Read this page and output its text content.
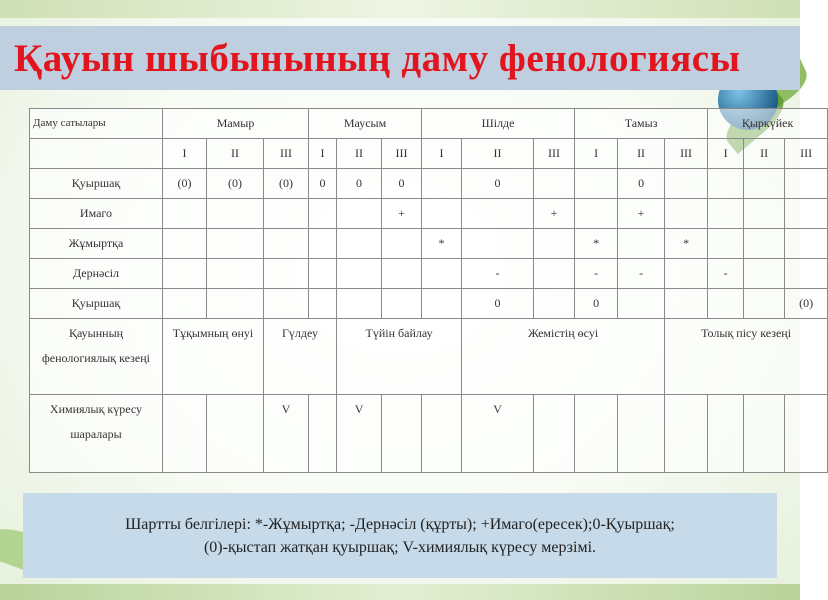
Қауын шыбынының даму фенологиясы
Даму сатылары	Мамыр			Маусым			Шілде			Тамыз			Қыркүйек		
	I	II	III	I	II	III	I	II	III	I	II	III	I	II	III
Қуыршақ	(0)	(0)	(0)	0	0	0		0			0				
Имаго						+			+		+				
Жұмыртқа							*			*		*			
Дернәсіл								-		-	-		-		
Қуыршақ								0		0					(0)
Қауынның фенологиялық кезеңі	Тұқымның өнуі		Гүлдеу		Түйін байлау			Жемістің өсуі				Толық пісу кезеңі			
Химиялық күресу шаралары			V		V			V							
Шартты белгілері: *-Жұмыртқа; -Дернәсіл (құрты); +Имаго(ересек);0-Қуыршақ;
(0)-қыстап жатқан қуыршақ; V-химиялық күресу мерзімі.
